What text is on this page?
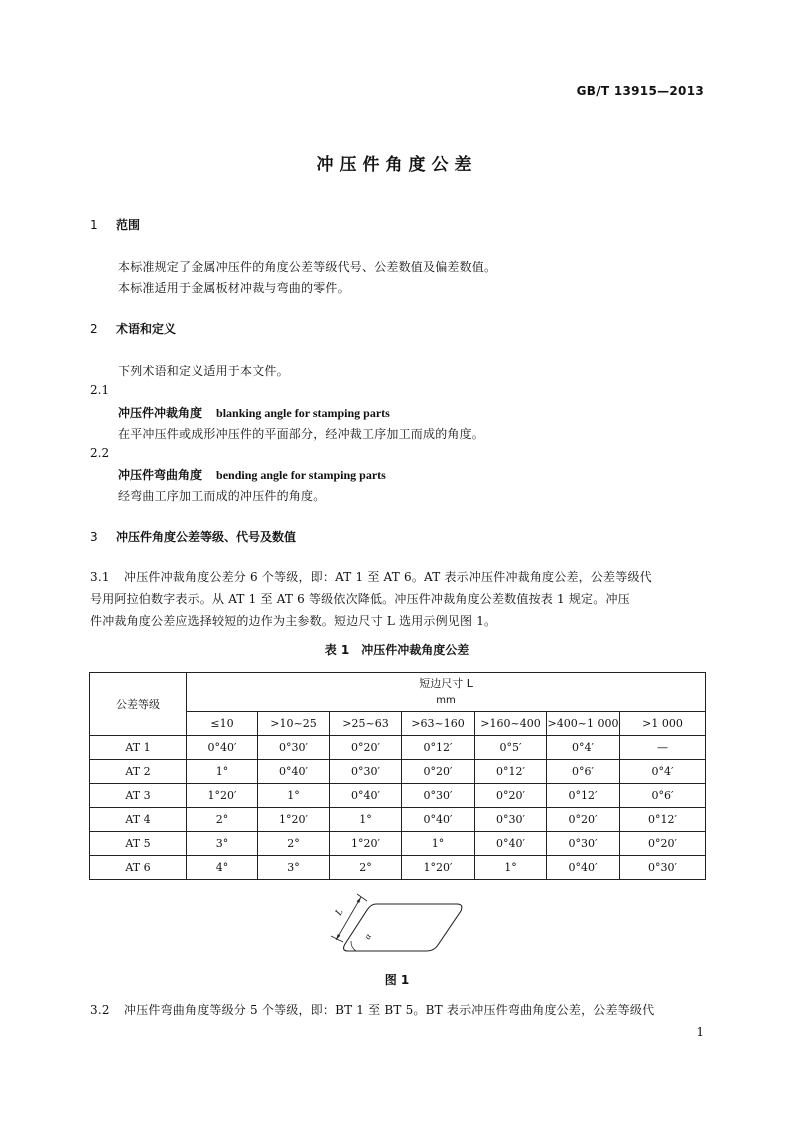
GB/T 13915—2013
冲压件角度公差
1 范围
本标准规定了金属冲压件的角度公差等级代号、公差数值及偏差数值。
本标准适用于金属板材冲裁与弯曲的零件。
2 术语和定义
下列术语和定义适用于本文件。
2.1
冲压件冲裁角度 blanking angle for stamping parts
在平冲压件或成形冲压件的平面部分，经冲裁工序加工而成的角度。
2.2
冲压件弯曲角度 bending angle for stamping parts
经弯曲工序加工而成的冲压件的角度。
3 冲压件角度公差等级、代号及数值
3.1 冲压件冲裁角度公差分 6 个等级，即：AT 1 至 AT 6。AT 表示冲压件冲裁角度公差，公差等级代
号用阿拉伯数字表示。从 AT 1 至 AT 6 等级依次降低。冲压件冲裁角度公差数值按表 1 规定。冲压
件冲裁角度公差应选择较短的边作为主参数。短边尺寸 L 选用示例见图 1。
表 1　冲压件冲裁角度公差
公差等级	短边尺寸 L
mm						

	≤10	>10~25	>25~63	>63~160	>160~400	>400~1 000	>1 000
AT 1	0°40′	0°30′	0°20′	0°12′	0°5′	0°4′	—
AT 2	1°	0°40′	0°30′	0°20′	0°12′	0°6′	0°4′
AT 3	1°20′	1°	0°40′	0°30′	0°20′	0°12′	0°6′
AT 4	2°	1°20′	1°	0°40′	0°30′	0°20′	0°12′
AT 5	3°	2°	1°20′	1°	0°40′	0°30′	0°20′
AT 6	4°	3°	2°	1°20′	1°	0°40′	0°30′
L
α
图 1
3.2 冲压件弯曲角度等级分 5 个等级，即：BT 1 至 BT 5。BT 表示冲压件弯曲角度公差，公差等级代
1
